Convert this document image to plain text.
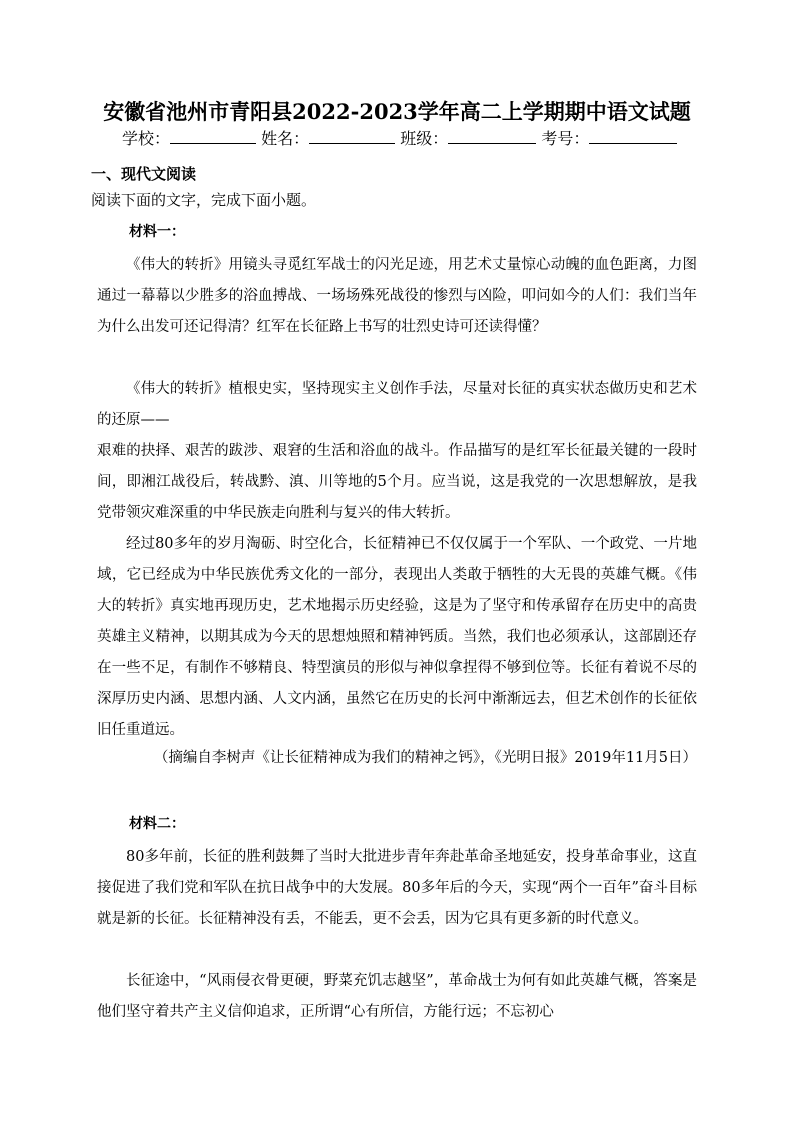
安徽省池州市青阳县2022-2023学年高二上学期期中语文试题
学校：	姓名：	班级：	考号：
一、现代文阅读
阅读下面的文字，完成下面小题。
材料一：
《伟大的转折》用镜头寻觅红军战士的闪光足迹，用艺术丈量惊心动魄的血色距离，力图通过一幕幕以少胜多的浴血搏战、一场场殊死战役的惨烈与凶险，叩问如今的人们：我们当年为什么出发可还记得清？红军在长征路上书写的壮烈史诗可还读得懂？
《伟大的转折》植根史实，坚持现实主义创作手法，尽量对长征的真实状态做历史和艺术的还原——
艰难的抉择、艰苦的跋涉、艰窘的生活和浴血的战斗。作品描写的是红军长征最关键的一段时间，即湘江战役后，转战黔、滇、川等地的5个月。应当说，这是我党的一次思想解放，是我党带领灾难深重的中华民族走向胜利与复兴的伟大转折。
经过80多年的岁月淘砺、时空化合，长征精神已不仅仅属于一个军队、一个政党、一片地域，它已经成为中华民族优秀文化的一部分，表现出人类敢于牺牲的大无畏的英雄气概。《伟大的转折》真实地再现历史，艺术地揭示历史经验，这是为了坚守和传承留存在历史中的高贵英雄主义精神，以期其成为今天的思想烛照和精神钙质。当然，我们也必须承认，这部剧还存在一些不足，有制作不够精良、特型演员的形似与神似拿捏得不够到位等。长征有着说不尽的深厚历史内涵、思想内涵、人文内涵，虽然它在历史的长河中渐渐远去，但艺术创作的长征依旧任重道远。
（摘编自李树声《让长征精神成为我们的精神之钙》，《光明日报》2019年11月5日）
材料二：
80多年前，长征的胜利鼓舞了当时大批进步青年奔赴革命圣地延安，投身革命事业，这直接促进了我们党和军队在抗日战争中的大发展。80多年后的今天，实现“两个一百年”奋斗目标就是新的长征。长征精神没有丢，不能丢，更不会丢，因为它具有更多新的时代意义。
长征途中，“风雨侵衣骨更硬，野菜充饥志越坚”，革命战士为何有如此英雄气概，答案是他们坚守着共产主义信仰追求，正所谓“心有所信，方能行远；不忘初心
